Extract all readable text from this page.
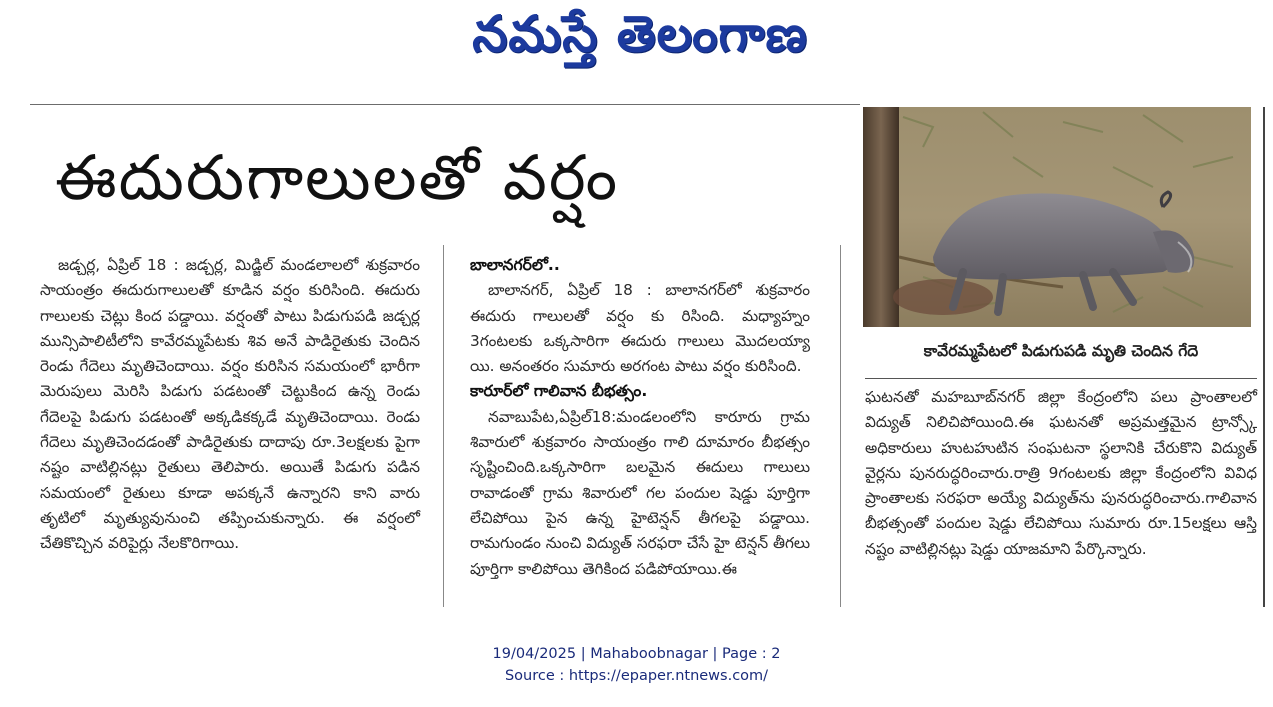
నమస్తే తెలంగాణ
ఈదురుగాలులతో వర్షం

జడ్చర్ల, ఏప్రిల్ 18 : జడ్చర్ల, మిడ్జిల్ మండలాలలో శుక్రవారం సాయంత్రం ఈదురుగాలులతో కూడిన వర్షం కురిసింది. ఈదురు గాలులకు చెట్లు కింద పడ్డాయి. వర్షంతో పాటు పిడుగుపడి జడ్చర్ల మున్సిపాలిటీలోని కావేరమ్మపేటకు శివ అనే పాడిరైతుకు చెందిన రెండు గేదెలు మృతిచెందాయి. వర్షం కురిసిన సమయంలో భారీగా మెరుపులు మెరిసి పిడుగు పడటంతో చెట్టుకింద ఉన్న రెండు గేదెలపై పిడుగు పడటంతో అక్కడికక్కడే మృతిచెందాయి. రెండు గేదెలు మృతిచెందడంతో పాడిరైతుకు దాదాపు రూ.3లక్షలకు పైగా నష్టం వాటిల్లినట్లు రైతులు తెలిపారు. అయితే పిడుగు పడిన సమయంలో రైతులు కూడా అపక్కనే ఉన్నారని కాని వారు తృటిలో మృత్యువునుంచి తప్పించుకున్నారు. ఈ వర్షంలో చేతికొచ్చిన వరిపైర్లు నేలకొరిగాయి.

బాలానగర్‌లో..

బాలానగర్, ఏప్రిల్ 18 : బాలానగర్‌లో శుక్రవారం ఈదురు గాలులతో వర్షం కు రిసింది. మధ్యాహ్నం 3గంటలకు ఒక్కసారిగా ఈదురు గాలులు మొదలయ్యా యి. అనంతరం సుమారు అరగంట పాటు వర్షం కురిసింది.

కారూర్‌లో గాలివాన బీభత్సం.

నవాబుపేట,ఏప్రిల్18:మండలంలోని కారూరు గ్రామ శివారులో శుక్రవారం సాయంత్రం గాలి దూమారం బీభత్సం సృష్టించింది.ఒక్కసారిగా బలమైన ఈదులు గాలులు రావాడంతో గ్రామ శివారులో గల పందుల షెడ్డు పూర్తిగా లేచిపోయి పైన ఉన్న హైటెన్షన్ తీగలపై పడ్డాయి. రామగుండం నుంచి విద్యుత్ సరఫరా చేసే హై టెన్షన్ తీగలు పూర్తిగా కాలిపోయి తెగికింద పడిపోయాయి.ఈ

కావేరమ్మపేటలో పిడుగుపడి మృతి చెందిన గేదె

ఘటనతో మహబూబ్‌నగర్ జిల్లా కేంద్రంలోని పలు ప్రాంతాలలో విద్యుత్ నిలిచిపోయింది.ఈ ఘటనతో అప్రమత్తమైన ట్రాన్స్కో అధికారులు హుటహుటిన సంఘటనా స్థలానికి చేరుకొని విద్యుత్ వైర్లను పునరుద్ధరించారు.రాత్రి 9గంటలకు జిల్లా కేంద్రంలోని వివిధ ప్రాంతాలకు సరఫరా అయ్యే విద్యుత్‌ను పునరుద్ధరించారు.గాలివాన బీభత్సంతో పందుల షెడ్డు లేచిపోయి సుమారు రూ.15లక్షలు ఆస్తి నష్టం వాటిల్లినట్లు షెడ్డు యాజమాని పేర్కొన్నారు.

19/04/2025 | Mahaboobnagar | Page : 2
Source : https://epaper.ntnews.com/
